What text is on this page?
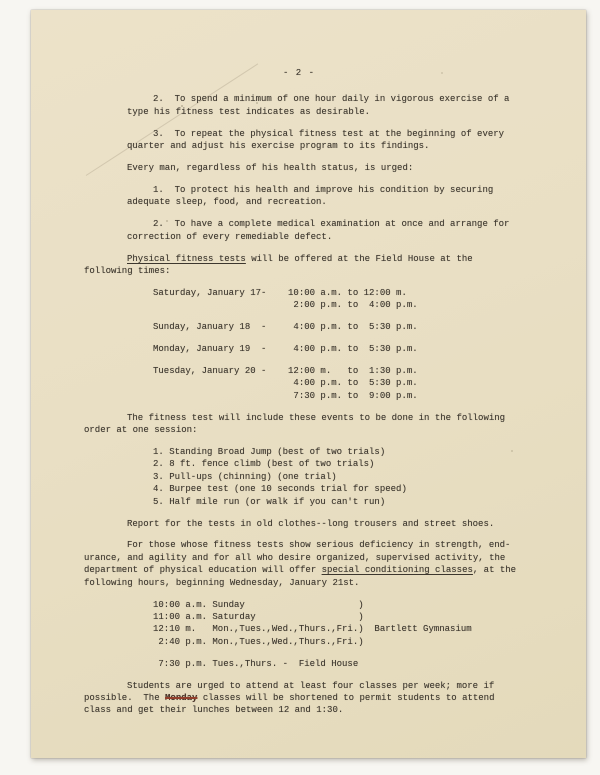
- 2 -
2.  To spend a minimum of one hour daily in vigorous exercise of a
type his fitness test indicates as desirable.
3.  To repeat the physical fitness test at the beginning of every
quarter and adjust his exercise program to its findings.
Every man, regardless of his health status, is urged:
1.  To protect his health and improve his condition by securing
adequate sleep, food, and recreation.
2.  To have a complete medical examination at once and arrange for
correction of every remediable defect.
Physical fitness tests will be offered at the Field House at the
following times:
Saturday, January 17-    10:00 a.m. to 12:00 m.
2:00 p.m. to  4:00 p.m.
Sunday, January 18  -     4:00 p.m. to  5:30 p.m.
Monday, January 19  -     4:00 p.m. to  5:30 p.m.
Tuesday, January 20 -    12:00 m.   to  1:30 p.m.
4:00 p.m. to  5:30 p.m.
7:30 p.m. to  9:00 p.m.
The fitness test will include these events to be done in the following
order at one session:
1. Standing Broad Jump (best of two trials)
2. 8 ft. fence climb (best of two trials)
3. Pull-ups (chinning) (one trial)
4. Burpee test (one 10 seconds trial for speed)
5. Half mile run (or walk if you can't run)
Report for the tests in old clothes--long trousers and street shoes.
For those whose fitness tests show serious deficiency in strength, end-
urance, and agility and for all who desire organized, supervised activity, the
department of physical education will offer special conditioning classes, at the
following hours, beginning Wednesday, January 21st.
10:00 a.m. Sunday                     )
11:00 a.m. Saturday                   )
12:10 m.   Mon.,Tues.,Wed.,Thurs.,Fri.)  Bartlett Gymnasium
2:40 p.m. Mon.,Tues.,Wed.,Thurs.,Fri.)
7:30 p.m. Tues.,Thurs. -  Field House
Students are urged to attend at least four classes per week; more if
possible.  The Monday classes will be shortened to permit students to attend
class and get their lunches between 12 and 1:30.
